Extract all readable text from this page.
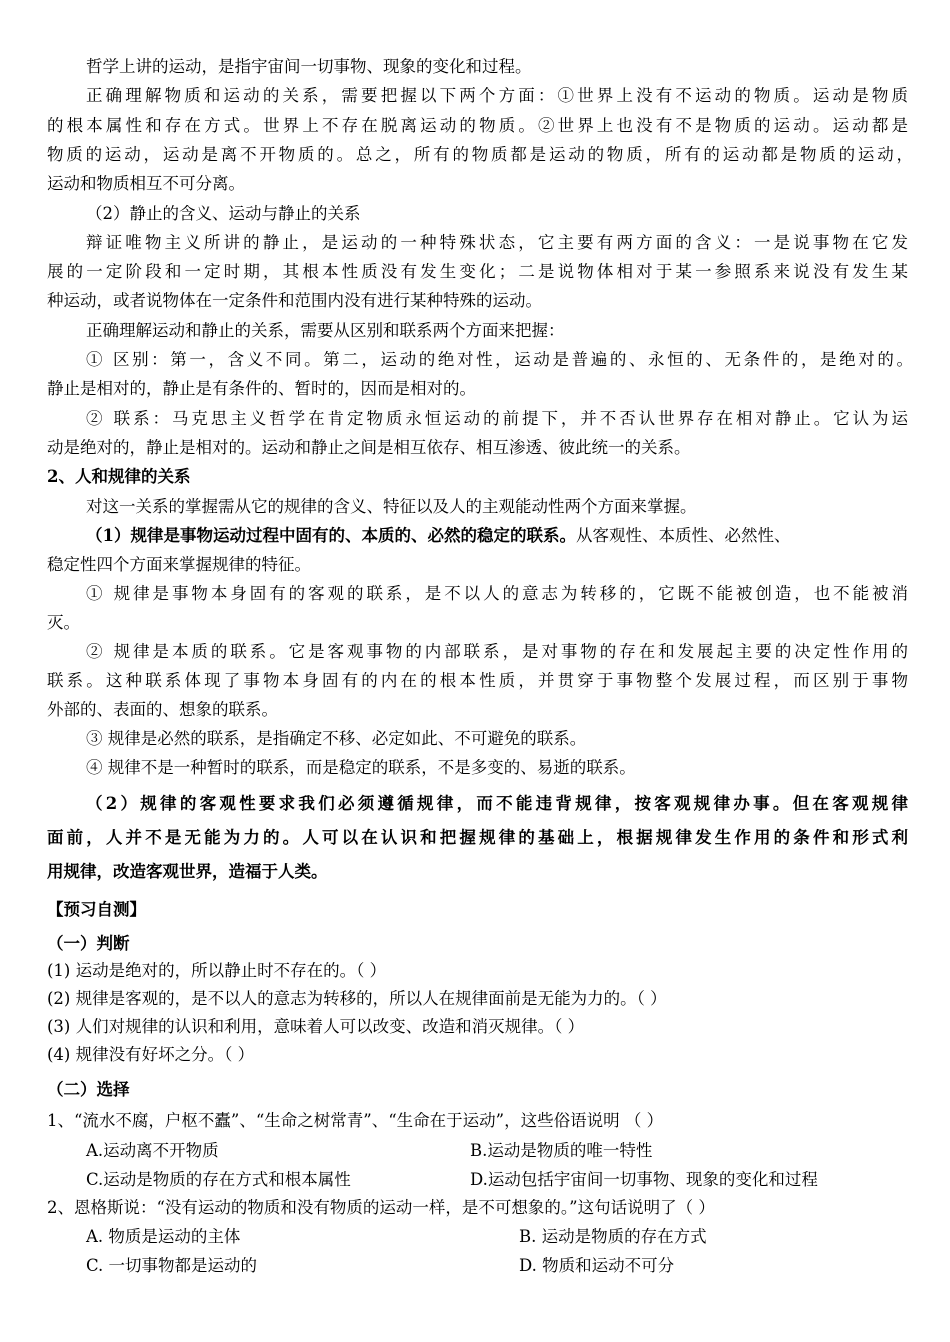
哲学上讲的运动，是指宇宙间一切事物、现象的变化和过程。
正确理解物质和运动的关系，需要把握以下两个方面：①世界上没有不运动的物质。运动是物质
的根本属性和存在方式。世界上不存在脱离运动的物质。②世界上也没有不是物质的运动。运动都是
物质的运动，运动是离不开物质的。总之，所有的物质都是运动的物质，所有的运动都是物质的运动，
运动和物质相互不可分离。
（2）静止的含义、运动与静止的关系
辩证唯物主义所讲的静止，是运动的一种特殊状态，它主要有两方面的含义：一是说事物在它发
展的一定阶段和一定时期，其根本性质没有发生变化；二是说物体相对于某一参照系来说没有发生某
种运动，或者说物体在一定条件和范围内没有进行某种特殊的运动。
正确理解运动和静止的关系，需要从区别和联系两个方面来把握：
① 区别：第一，含义不同。第二，运动的绝对性，运动是普遍的、永恒的、无条件的，是绝对的。
静止是相对的，静止是有条件的、暂时的，因而是相对的。
② 联系：马克思主义哲学在肯定物质永恒运动的前提下，并不否认世界存在相对静止。它认为运
动是绝对的，静止是相对的。运动和静止之间是相互依存、相互渗透、彼此统一的关系。
2、人和规律的关系
对这一关系的掌握需从它的规律的含义、特征以及人的主观能动性两个方面来掌握。
（1）规律是事物运动过程中固有的、本质的、必然的稳定的联系。从客观性、本质性、必然性、
稳定性四个方面来掌握规律的特征。
① 规律是事物本身固有的客观的联系，是不以人的意志为转移的，它既不能被创造，也不能被消
灭。
② 规律是本质的联系。它是客观事物的内部联系，是对事物的存在和发展起主要的决定性作用的
联系。这种联系体现了事物本身固有的内在的根本性质，并贯穿于事物整个发展过程，而区别于事物
外部的、表面的、想象的联系。
③ 规律是必然的联系，是指确定不移、必定如此、不可避免的联系。
④ 规律不是一种暂时的联系，而是稳定的联系，不是多变的、易逝的联系。
（2）规律的客观性要求我们必须遵循规律，而不能违背规律，按客观规律办事。但在客观规律
面前，人并不是无能为力的。人可以在认识和把握规律的基础上，根据规律发生作用的条件和形式利
用规律，改造客观世界，造福于人类。
【预习自测】
（一）判断
(1) 运动是绝对的，所以静止时不存在的。（ ）
(2) 规律是客观的，是不以人的意志为转移的，所以人在规律面前是无能为力的。（ ）
(3) 人们对规律的认识和利用，意味着人可以改变、改造和消灭规律。（ ）
(4) 规律没有好坏之分。（ ）
（二）选择
1、“流水不腐，户枢不蠹”、“生命之树常青”、“生命在于运动”，这些俗语说明 （ ）
A.运动离不开物质	B.运动是物质的唯一特性
C.运动是物质的存在方式和根本属性	D.运动包括宇宙间一切事物、现象的变化和过程
2、恩格斯说：“没有运动的物质和没有物质的运动一样，是不可想象的。”这句话说明了（ ）
A. 物质是运动的主体	B. 运动是物质的存在方式
C. 一切事物都是运动的	D. 物质和运动不可分
